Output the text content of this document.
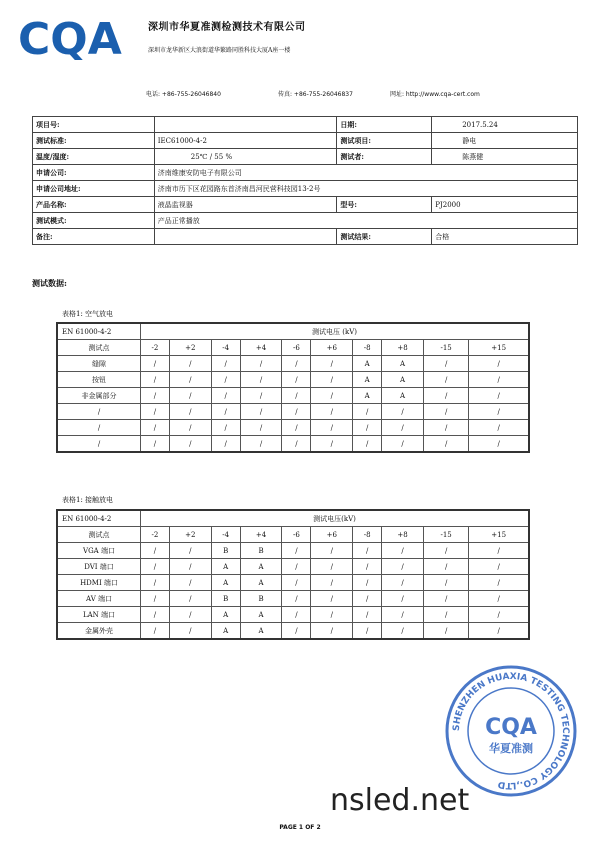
CQA	深圳市华夏准测检测技术有限公司
深圳市龙华新区大浪街道华繁路同胜科技大厦A座一楼
电话: +86-755-26046840	传真: +86-755-26046837	网址: http://www.cqa-cert.com
项目号:		日期:	2017.5.24
测试标准:	IEC61000-4-2	测试项目:	静电
温度/湿度:	25℃ / 55 %	测试者:	陈燕健
申请公司:	济南维康安防电子有限公司		
申请公司地址:	济南市历下区花园路东首济南昌河民营科技园13-2号		
产品名称:	液晶监视器	型号:	PJ2000
测试模式:	产品正常播放		
备注:		测试结果:	合格
测试数据:
表格1: 空气放电
EN 61000-4-2	测试电压 (kV)									
测试点	-2	+2	-4	+4	-6	+6	-8	+8	-15	+15
缝隙	/	/	/	/	/	/	A	A	/	/
按钮	/	/	/	/	/	/	A	A	/	/
非金属部分	/	/	/	/	/	/	A	A	/	/
/	/	/	/	/	/	/	/	/	/	/
/	/	/	/	/	/	/	/	/	/	/
/	/	/	/	/	/	/	/	/	/	/
表格1: 接触放电
EN 61000-4-2	测试电压(kV)									
测试点	-2	+2	-4	+4	-6	+6	-8	+8	-15	+15
VGA 端口	/	/	B	B	/	/	/	/	/	/
DVI 端口	/	/	A	A	/	/	/	/	/	/
HDMI 端口	/	/	A	A	/	/	/	/	/	/
AV 端口	/	/	B	B	/	/	/	/	/	/
LAN 端口	/	/	A	A	/	/	/	/	/	/
金属外壳	/	/	A	A	/	/	/	/	/	/
SHENZHEN HUAXIA TESTING TECHNOLOGY CO.,LTD
CQA
华夏准测
nsled.net
PAGE 1 OF 2
